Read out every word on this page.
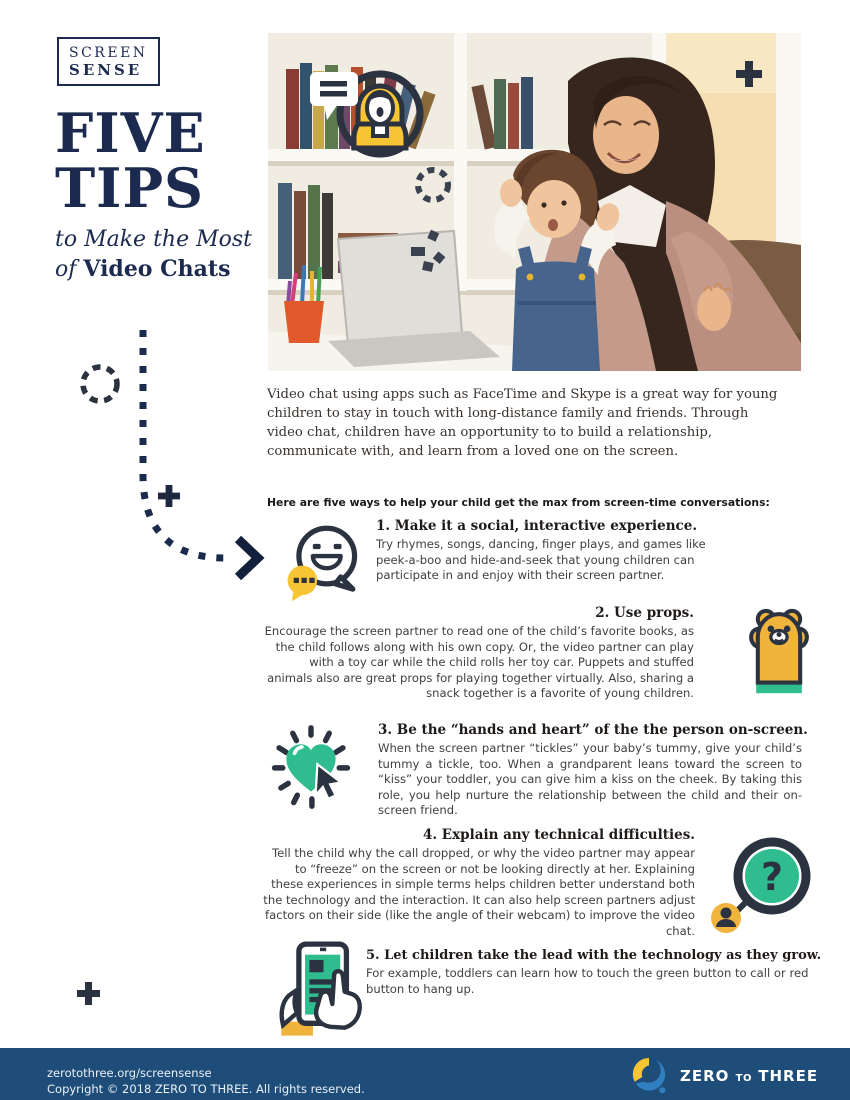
SCREEN
SENSE
FIVE
TIPS
to Make the Most
of Video Chats
Video chat using apps such as FaceTime and Skype is a great way for young children to stay in touch with long-distance family and friends. Through video chat, children have an opportunity to to build a relationship, communicate with, and learn from a loved one on the screen.
Here are five ways to help your child get the max from screen-time conversations:
1. Make it a social, interactive experience.
Try rhymes, songs, dancing, finger plays, and games like peek-a-boo and hide-and-seek that young children can participate in and enjoy with their screen partner.
2. Use props.
Encourage the screen partner to read one of the child’s favorite books, as the child follows along with his own copy. Or, the video partner can play with a toy car while the child rolls her toy car. Puppets and stuffed animals also are great props for playing together virtually. Also, sharing a snack together is a favorite of young children.
3. Be the “hands and heart” of the the person on-screen.
When the screen partner “tickles” your baby’s tummy, give your child’s tummy a tickle, too. When a grandparent leans toward the screen to “kiss” your toddler, you can give him a kiss on the cheek. By taking this role, you help nurture the relationship between the child and their on-screen friend.
4. Explain any technical difficulties.
Tell the child why the call dropped, or why the video partner may appear to “freeze” on the screen or not be looking directly at her. Explaining these experiences in simple terms helps children better understand both the technology and the interaction. It can also help screen partners adjust factors on their side (like the angle of their webcam) to improve the video chat.
?
5. Let children take the lead with the technology as they grow.
For example, toddlers can learn how to touch the green button to call or red button to hang up.
zerotothree.org/screensense
Copyright © 2018 ZERO TO THREE. All rights reserved.
ZERO TO THREE
